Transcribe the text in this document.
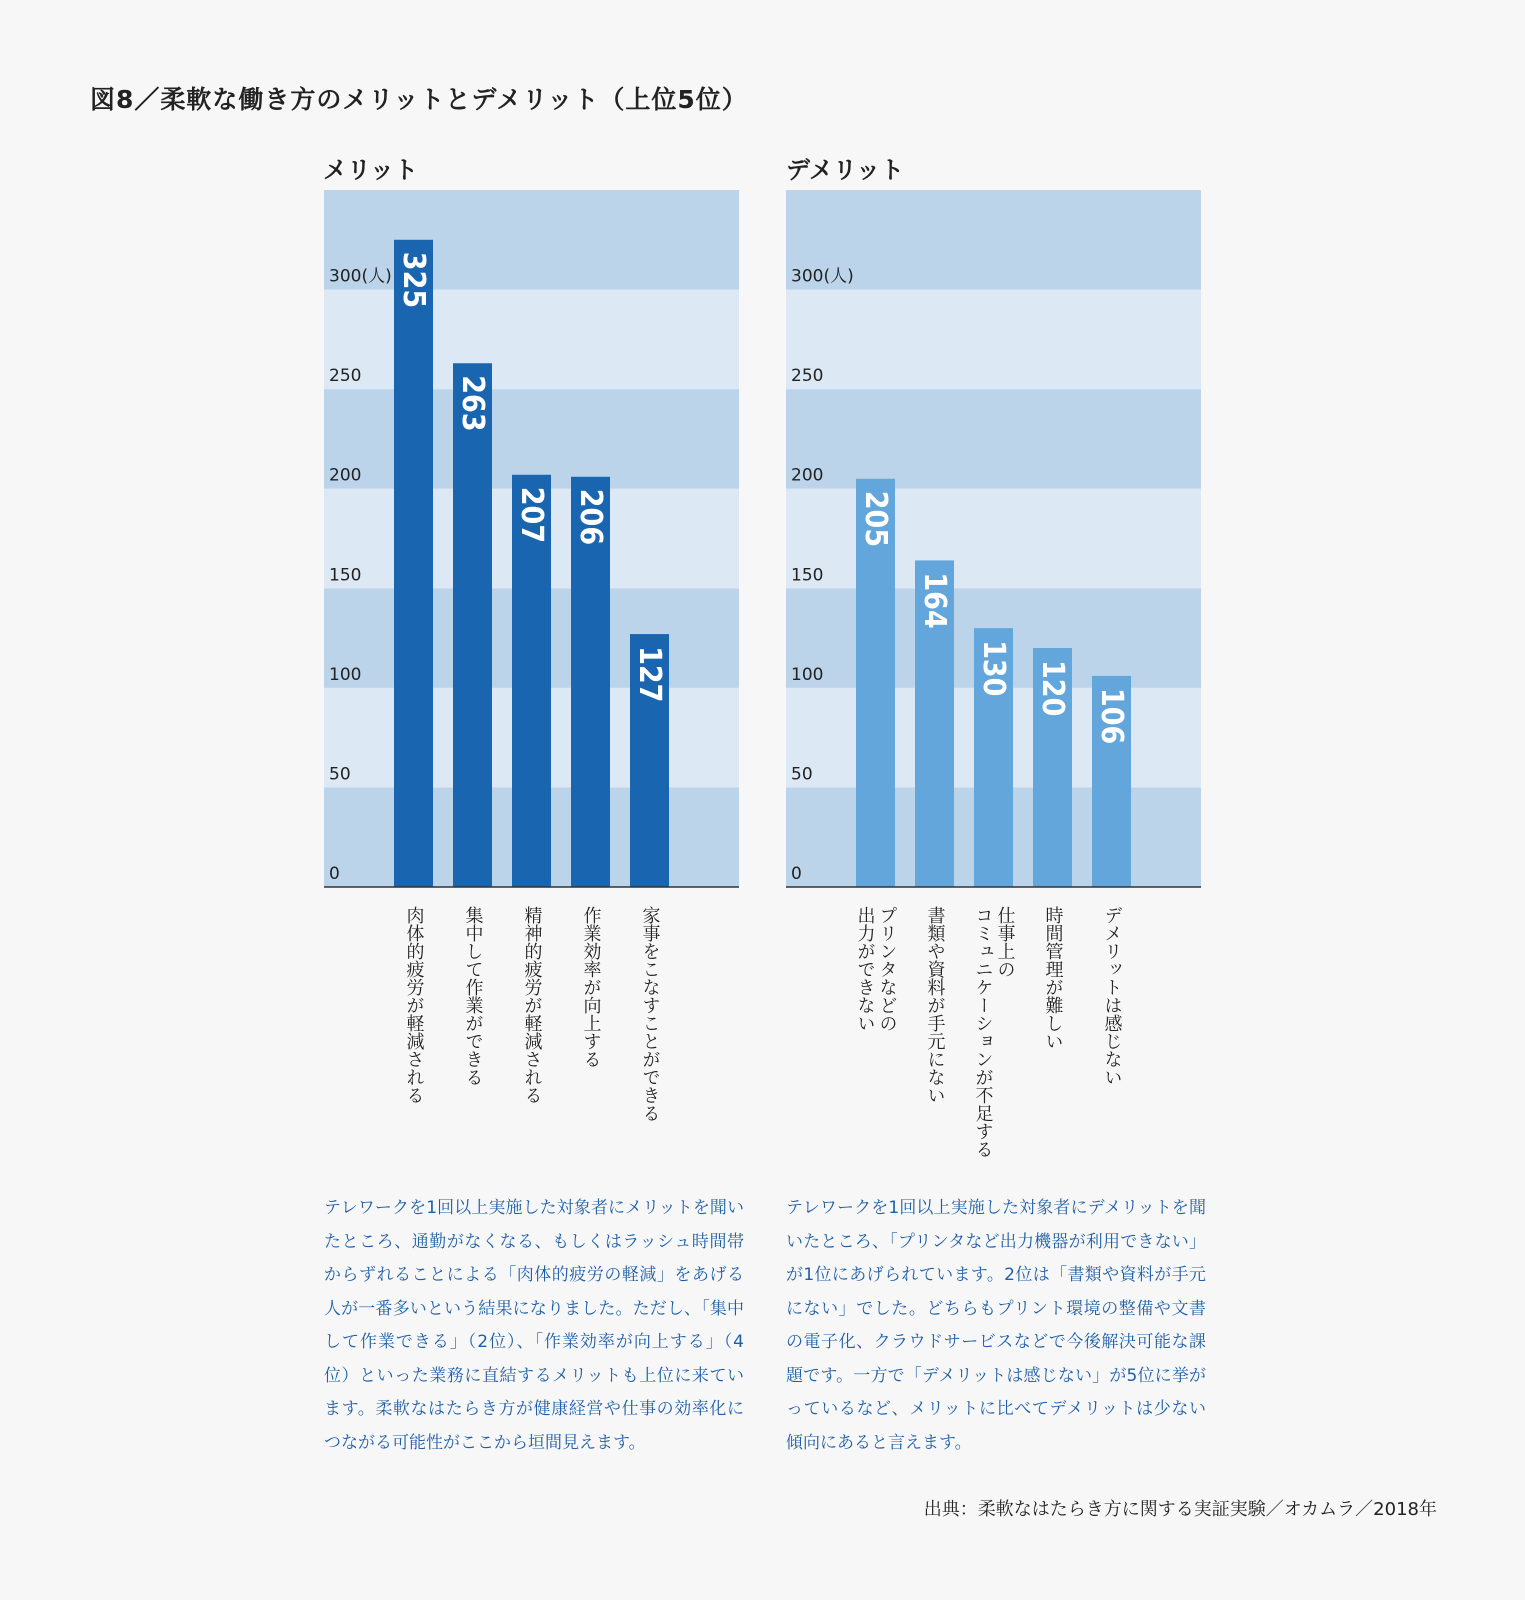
図8／柔軟な働き方のメリットとデメリット（上位5位）
メリット	デメリット
0
50
100
150
200
250
300(人) 325
263
207 206
127
0
50
100
150
200
250
300(人)
205
164
130 120 106
肉体的疲労が軽減される 集中して作業ができる 精神的疲労が軽減される 作業効率が向上する 家事をこなすことができる	プリンタなどの
出力ができない	書類や資料が手元にない	仕事上の
コミュニケーションが不足する	時間管理が難しい デメリットは感じない
テレワークを1回以上実施した対象者にメリットを聞いたところ、通勤がなくなる、もしくはラッシュ時間帯からずれることによる「肉体的疲労の軽減」をあげる人が一番多いという結果になりました。ただし、「集中して作業できる」（2位）、「作業効率が向上する」（4位）といった業務に直結するメリットも上位に来ています。柔軟なはたらき方が健康経営や仕事の効率化につながる可能性がここから垣間見えます。
テレワークを1回以上実施した対象者にデメリットを聞いたところ、「プリンタなど出力機器が利用できない」が1位にあげられています。2位は「書類や資料が手元にない」でした。どちらもプリント環境の整備や文書の電子化、クラウドサービスなどで今後解決可能な課題です。一方で「デメリットは感じない」が5位に挙がっているなど、メリットに比べてデメリットは少ない傾向にあると言えます。
出典：柔軟なはたらき方に関する実証実験／オカムラ／2018年
